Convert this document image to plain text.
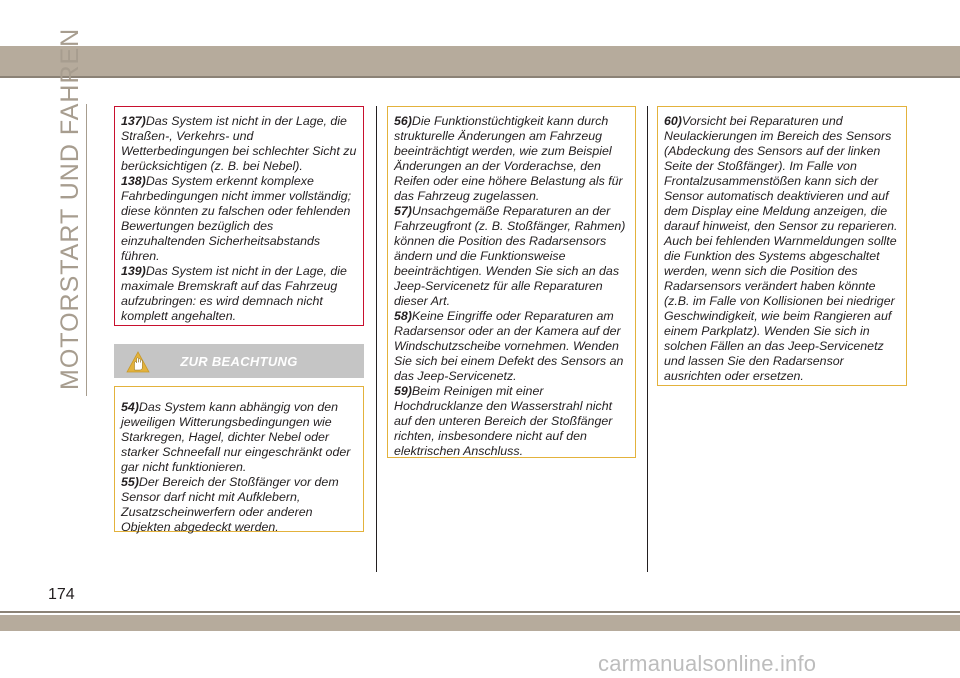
MOTORSTART UND FAHREN	137)Das System ist nicht in der Lage, die Straßen-, Verkehrs- und Wetterbedingungen bei schlechter Sicht zu berücksichtigen (z. B. bei Nebel).

138)Das System erkennt komplexe Fahrbedingungen nicht immer vollständig; diese könnten zu falschen oder fehlenden Bewertungen bezüglich des einzuhaltenden Sicherheitsabstands führen.

139)Das System ist nicht in der Lage, die maximale Bremskraft auf das Fahrzeug aufzubringen: es wird demnach nicht komplett angehalten.

ZUR BEACHTUNG

54)Das System kann abhängig von den jeweiligen Witterungsbedingungen wie Starkregen, Hagel, dichter Nebel oder starker Schneefall nur eingeschränkt oder gar nicht funktionieren.

55)Der Bereich der Stoßfänger vor dem Sensor darf nicht mit Aufklebern, Zusatzscheinwerfern oder anderen Objekten abgedeckt werden.

56)Die Funktionstüchtigkeit kann durch strukturelle Änderungen am Fahrzeug beeinträchtigt werden, wie zum Beispiel Änderungen an der Vorderachse, den Reifen oder eine höhere Belastung als für das Fahrzeug zugelassen.

57)Unsachgemäße Reparaturen an der Fahrzeugfront (z. B. Stoßfänger, Rahmen) können die Position des Radarsensors ändern und die Funktionsweise beeinträchtigen. Wenden Sie sich an das Jeep-Servicenetz für alle Reparaturen dieser Art.

58)Keine Eingriffe oder Reparaturen am Radarsensor oder an der Kamera auf der Windschutzscheibe vornehmen. Wenden Sie sich bei einem Defekt des Sensors an das Jeep-Servicenetz.

59)Beim Reinigen mit einer Hochdrucklanze den Wasserstrahl nicht auf den unteren Bereich der Stoßfänger richten, insbesondere nicht auf den elektrischen Anschluss.

60)Vorsicht bei Reparaturen und Neulackierungen im Bereich des Sensors (Abdeckung des Sensors auf der linken Seite der Stoßfänger). Im Falle von Frontalzusammenstößen kann sich der Sensor automatisch deaktivieren und auf dem Display eine Meldung anzeigen, die darauf hinweist, den Sensor zu reparieren. Auch bei fehlenden Warnmeldungen sollte die Funktion des Systems abgeschaltet werden, wenn sich die Position des Radarsensors verändert haben könnte (z.B. im Falle von Kollisionen bei niedriger Geschwindigkeit, wie beim Rangieren auf einem Parkplatz). Wenden Sie sich in solchen Fällen an das Jeep-Servicenetz und lassen Sie den Radarsensor ausrichten oder ersetzen.

174
carmanualsonline.info
